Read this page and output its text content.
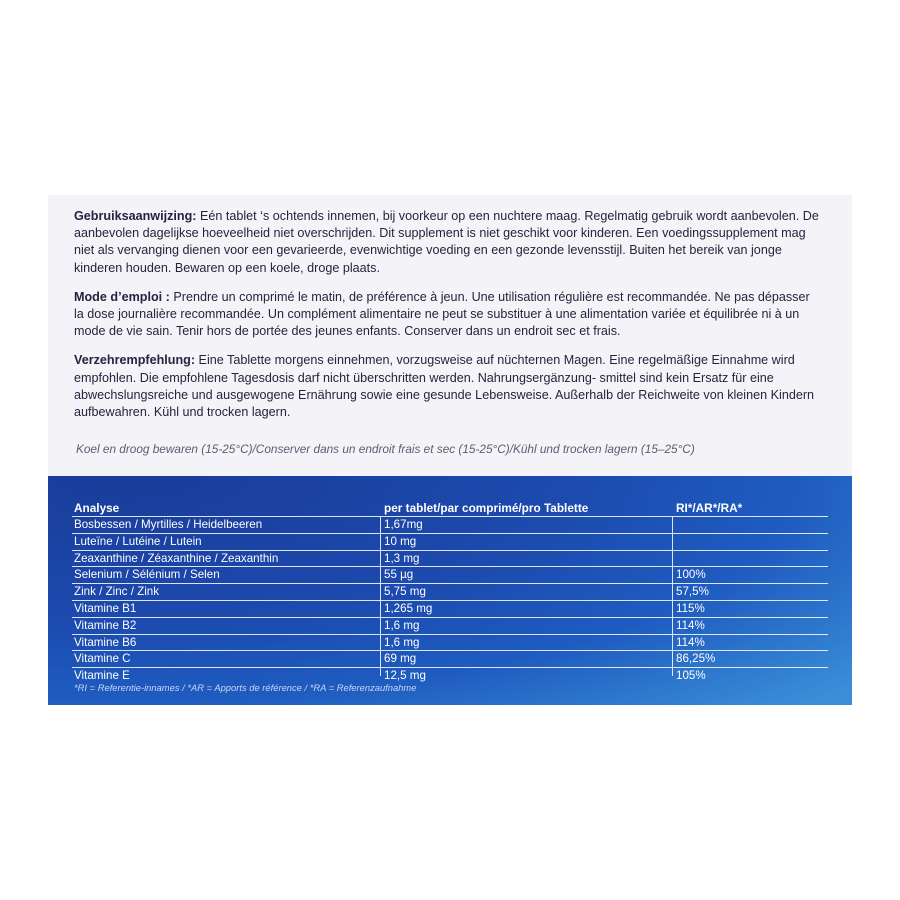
Gebruiksaanwijzing: Eén tablet ‘s ochtends innemen, bij voorkeur op een nuchtere maag. Regelmatig gebruik wordt aanbevolen. De aanbevolen dagelijkse hoeveelheid niet overschrijden. Dit supplement is niet geschikt voor kinderen. Een voedingssupplement mag niet als vervanging dienen voor een gevarieerde, evenwichtige voeding en een gezonde levensstijl. Buiten het bereik van jonge kinderen houden. Bewaren op een koele, droge plaats.

Mode d’emploi : Prendre un comprimé le matin, de préférence à jeun. Une utilisation régulière est recommandée. Ne pas dépasser la dose journalière recommandée. Un complément alimentaire ne peut se substituer à une alimentation variée et équilibrée ni à un mode de vie sain. Tenir hors de portée des jeunes enfants. Conserver dans un endroit sec et frais.

Verzehrempfehlung: Eine Tablette morgens einnehmen, vorzugsweise auf nüchternen Magen. Eine regelmäßige Einnahme wird empfohlen. Die empfohlene Tagesdosis darf nicht überschritten werden. Nahrungsergänzung- smittel sind kein Ersatz für eine abwechslungsreiche und ausgewogene Ernährung sowie eine gesunde Lebensweise. Außerhalb der Reichweite von kleinen Kindern aufbewahren. Kühl und trocken lagern.

Koel en droog bewaren (15-25°C)/Conserver dans un endroit frais et sec (15-25°C)/Kühl und trocken lagern (15–25°C)
Analyse	per tablet/par comprimé/pro Tablette	RI*/AR*/RA*
Bosbessen / Myrtilles / Heidelbeeren	1,67mg
Luteïne / Lutéine / Lutein	10 mg
Zeaxanthine / Zéaxanthine / Zeaxanthin	1,3 mg
Selenium / Sélénium / Selen	55 µg	100%
Zink / Zinc / Zink	5,75 mg	57,5%
Vitamine B1	1,265 mg	115%
Vitamine B2	1,6 mg	114%
Vitamine B6	1,6 mg	114%
Vitamine C	69 mg	86,25%
Vitamine E	12,5 mg	105%
*RI = Referentie-innames / *AR = Apports de référence / *RA = Referenzaufnahme
